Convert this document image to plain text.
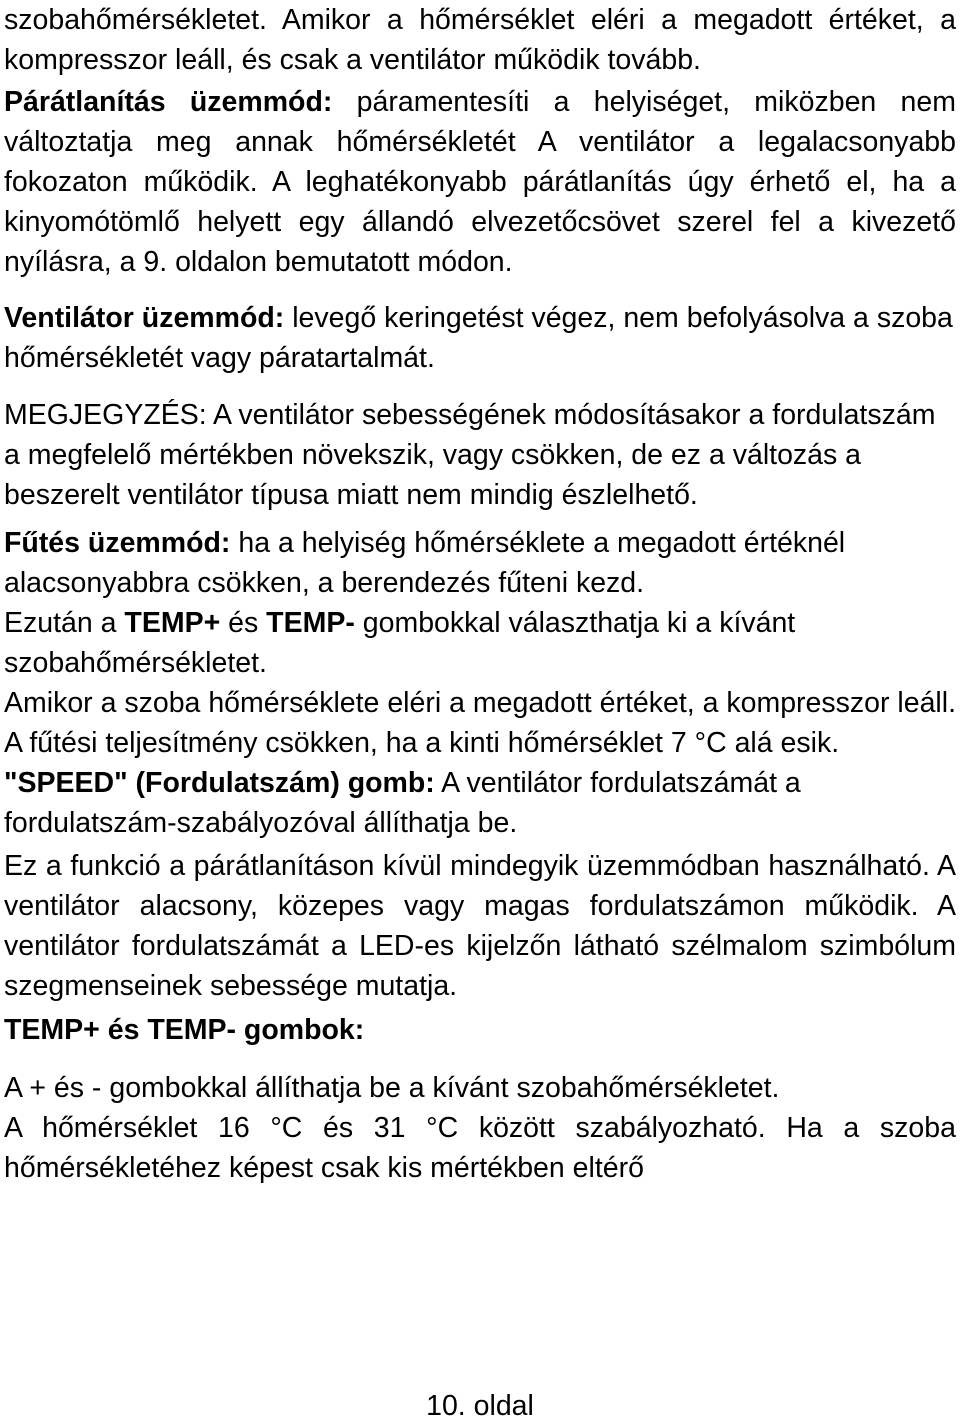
szobahőmérsékletet. Amikor a hőmérséklet eléri a megadott értéket, a kompresszor leáll, és csak a ventilátor működik tovább.

Párátlanítás üzemmód: páramentesíti a helyiséget, miközben nem változtatja meg annak hőmérsékletét A ventilátor a legalacsonyabb fokozaton működik. A leghatékonyabb párátlanítás úgy érhető el, ha a kinyomótömlő helyett egy állandó elvezetőcsövet szerel fel a kivezető nyílásra, a 9. oldalon bemutatott módon.

Ventilátor üzemmód: levegő keringetést végez, nem befolyásolva a szoba hőmérsékletét vagy páratartalmát.

MEGJEGYZÉS: A ventilátor sebességének módosításakor a fordulatszám a megfelelő mértékben növekszik, vagy csökken, de ez a változás a beszerelt ventilátor típusa miatt nem mindig észlelhető.

Fűtés üzemmód: ha a helyiség hőmérséklete a megadott értéknél alacsonyabbra csökken, a berendezés fűteni kezd.

Ezután a TEMP+ és TEMP- gombokkal választhatja ki a kívánt szobahőmérsékletet.

Amikor a szoba hőmérséklete eléri a megadott értéket, a kompresszor leáll. A fűtési teljesítmény csökken, ha a kinti hőmérséklet 7 °C alá esik.

"SPEED" (Fordulatszám) gomb: A ventilátor fordulatszámát a fordulatszám-szabályozóval állíthatja be.

Ez a funkció a párátlanításon kívül mindegyik üzemmódban használható. A ventilátor alacsony, közepes vagy magas fordulatszámon működik. A ventilátor fordulatszámát a LED-es kijelzőn látható szélmalom szimbólum szegmenseinek sebessége mutatja.

TEMP+ és TEMP- gombok:

A + és - gombokkal állíthatja be a kívánt szobahőmérsékletet.

A hőmérséklet 16 °C és 31 °C között szabályozható. Ha a szoba hőmérsékletéhez képest csak kis mértékben eltérő

10. oldal
